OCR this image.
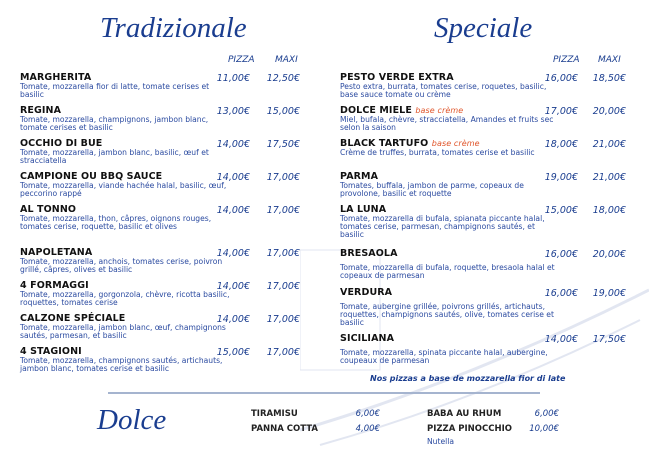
Tradizionale	Speciale
Dolce
PIZZA MAXI	PIZZA MAXI
MARGHERITA
Tomate, mozzarella fior di latte, tomate cerises et basilic
11,00€	12,50€
REGINA
Tomate, mozzarella, champignons, jambon blanc, tomate cerises et basilic
13,00€	15,00€
OCCHIO DI BUE
Tomate, mozzarella, jambon blanc, basilic, œuf et stracciatella
14,00€	17,50€
CAMPIONE OU BBQ SAUCE
Tomate, mozzarella, viande hachée halal, basilic, œuf, peccorino rappé
14,00€	17,00€
AL TONNO
Tomate, mozzarella, thon, câpres, oignons rouges, tomates cerise, roquette, basilic et olives
14,00€	17,00€
NAPOLETANA
Tomate, mozzarella, anchois, tomates cerise, poivron grillé, câpres, olives et basilic
14,00€	17,00€
4 FORMAGGI
Tomate, mozzarella, gorgonzola, chèvre, ricotta basilic, roquettes, tomates cerise
14,00€	17,00€
CALZONE SPÉCIALE
Tomate, mozzarella, jambon blanc, œuf, champignons sautés, parmesan, et basilic
14,00€	17,00€
4 STAGIONI
Tomate, mozzarella, champignons sautés, artichauts, jambon blanc, tomates cerise et basilic
15,00€	17,00€
PESTO VERDE EXTRA
Pesto extra, burrata, tomates cerise, roquetes, basilic, base sauce tomate ou crème
16,00€	18,50€
DOLCE MIELE base crème
Miel, bufala, chèvre, stracciatella, Amandes et fruits sec selon la saison
17,00€	20,00€
BLACK TARTUFO base crème
Crème de truffes, burrata, tomates cerise et basilic
18,00€	21,00€
PARMA
Tomates, buffala, jambon de parme, copeaux de provolone, basilic et roquette
19,00€	21,00€
LA LUNA
Tomate, mozzarella di bufala, spianata piccante halal, tomates cerise, parmesan, champignons sautés, et basilic
15,00€	18,00€
BRESAOLA
Tomate, mozzarella di bufala, roquette, bresaola halal et copeaux de parmesan
16,00€	20,00€
VERDURA
Tomate, aubergine grillée, poivrons grillés, artichauts, roquettes, champignons sautés, olive, tomates cerise et basilic
16,00€	19,00€
SICILIANA
Tomate, mozzarella, spinata piccante halal, aubergine, coupeaux de parmesan
14,00€	17,50€
Nos pizzas a base de mozzarella fior di late
TIRAMISU	6,00€
PANNA COTTA	4,00€
BABA AU RHUM	6,00€
PIZZA PINOCCHIO	10,00€
Nutella
